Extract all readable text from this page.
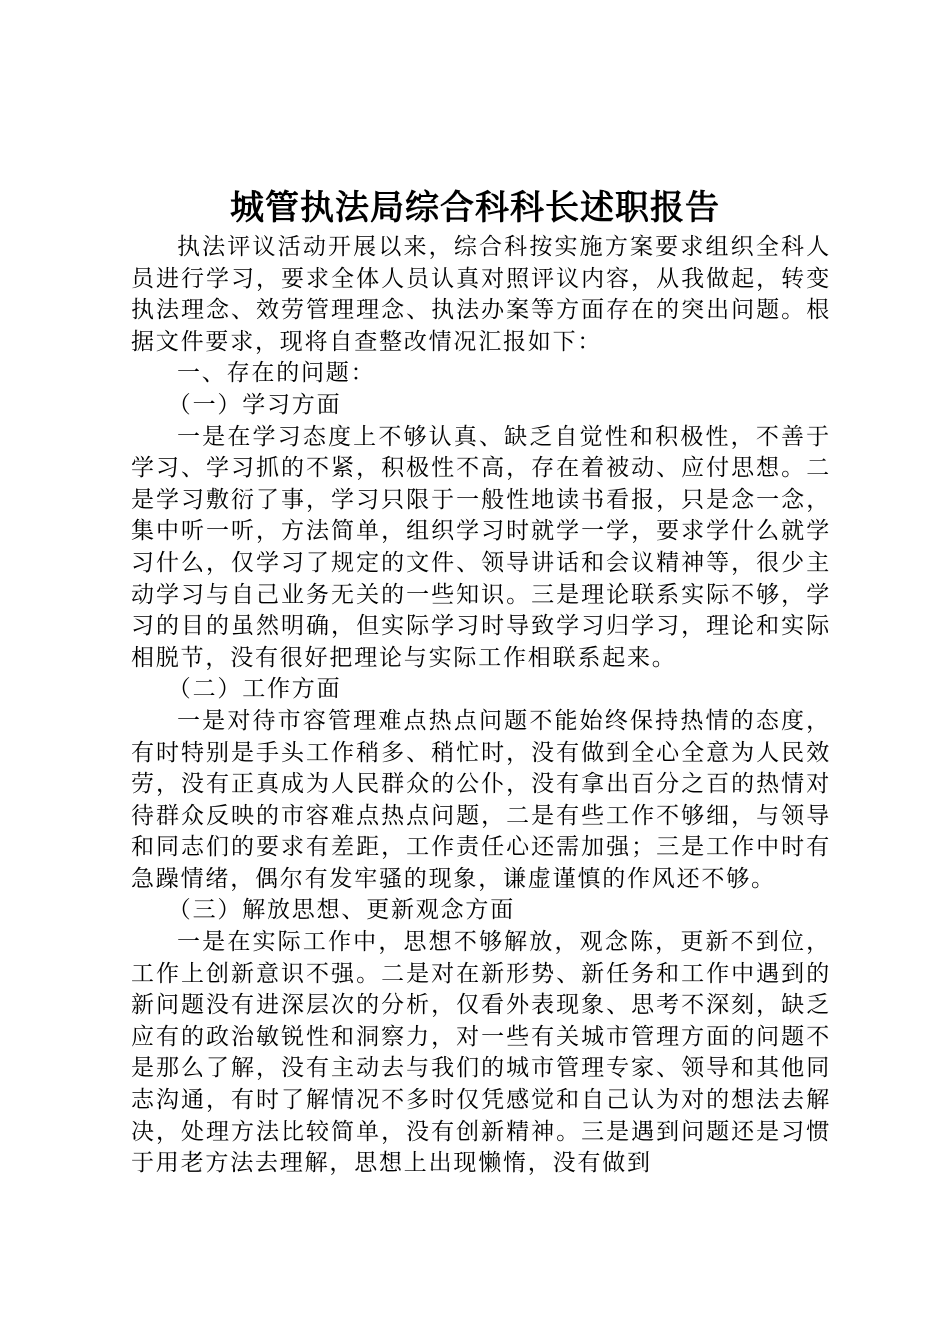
城管执法局综合科科长述职报告

执法评议活动开展以来，综合科按实施方案要求组织全科人员进行学习，要求全体人员认真对照评议内容，从我做起，转变执法理念、效劳管理理念、执法办案等方面存在的突出问题。根据文件要求，现将自查整改情况汇报如下：

一、存在的问题：

（一）学习方面

一是在学习态度上不够认真、缺乏自觉性和积极性，不善于学习、学习抓的不紧，积极性不高，存在着被动、应付思想。二是学习敷衍了事，学习只限于一般性地读书看报，只是念一念，集中听一听，方法简单，组织学习时就学一学，要求学什么就学习什么，仅学习了规定的文件、领导讲话和会议精神等，很少主动学习与自己业务无关的一些知识。三是理论联系实际不够，学习的目的虽然明确，但实际学习时导致学习归学习，理论和实际相脱节，没有很好把理论与实际工作相联系起来。

（二）工作方面

一是对待市容管理难点热点问题不能始终保持热情的态度，有时特别是手头工作稍多、稍忙时，没有做到全心全意为人民效劳，没有正真成为人民群众的公仆，没有拿出百分之百的热情对待群众反映的市容难点热点问题，二是有些工作不够细，与领导和同志们的要求有差距，工作责任心还需加强；三是工作中时有急躁情绪，偶尔有发牢骚的现象，谦虚谨慎的作风还不够。

（三）解放思想、更新观念方面

一是在实际工作中，思想不够解放，观念陈，更新不到位，工作上创新意识不强。二是对在新形势、新任务和工作中遇到的新问题没有进深层次的分析，仅看外表现象、思考不深刻，缺乏应有的政治敏锐性和洞察力，对一些有关城市管理方面的问题不是那么了解，没有主动去与我们的城市管理专家、领导和其他同志沟通，有时了解情况不多时仅凭感觉和自己认为对的想法去解决，处理方法比较简单，没有创新精神。三是遇到问题还是习惯于用老方法去理解，思想上出现懒惰，没有做到
